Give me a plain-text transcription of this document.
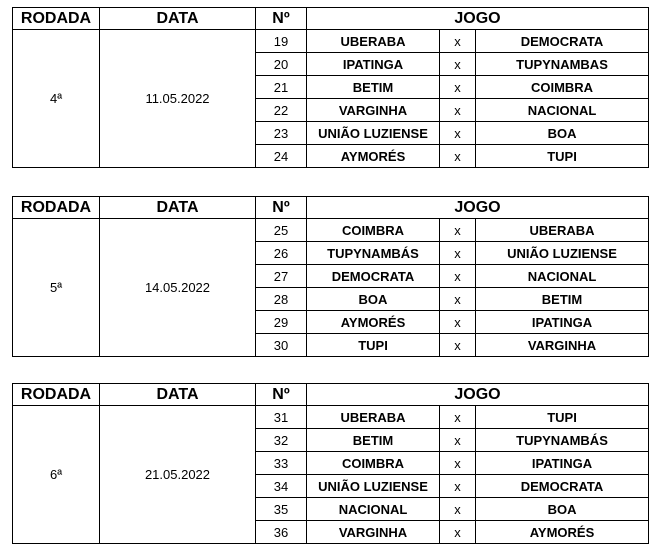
RODADA	DATA	Nº	JOGO		
4ª	11.05.2022	19	UBERABA	x	DEMOCRATA
		20	IPATINGA	x	TUPYNAMBAS
		21	BETIM	x	COIMBRA
		22	VARGINHA	x	NACIONAL
		23	UNIÃO LUZIENSE	x	BOA
		24	AYMORÉS	x	TUPI
RODADA	DATA	Nº	JOGO		
5ª	14.05.2022	25	COIMBRA	x	UBERABA
		26	TUPYNAMBÁS	x	UNIÃO LUZIENSE
		27	DEMOCRATA	x	NACIONAL
		28	BOA	x	BETIM
		29	AYMORÉS	x	IPATINGA
		30	TUPI	x	VARGINHA
RODADA	DATA	Nº	JOGO		
6ª	21.05.2022	31	UBERABA	x	TUPI
		32	BETIM	x	TUPYNAMBÁS
		33	COIMBRA	x	IPATINGA
		34	UNIÃO LUZIENSE	x	DEMOCRATA
		35	NACIONAL	x	BOA
		36	VARGINHA	x	AYMORÉS
